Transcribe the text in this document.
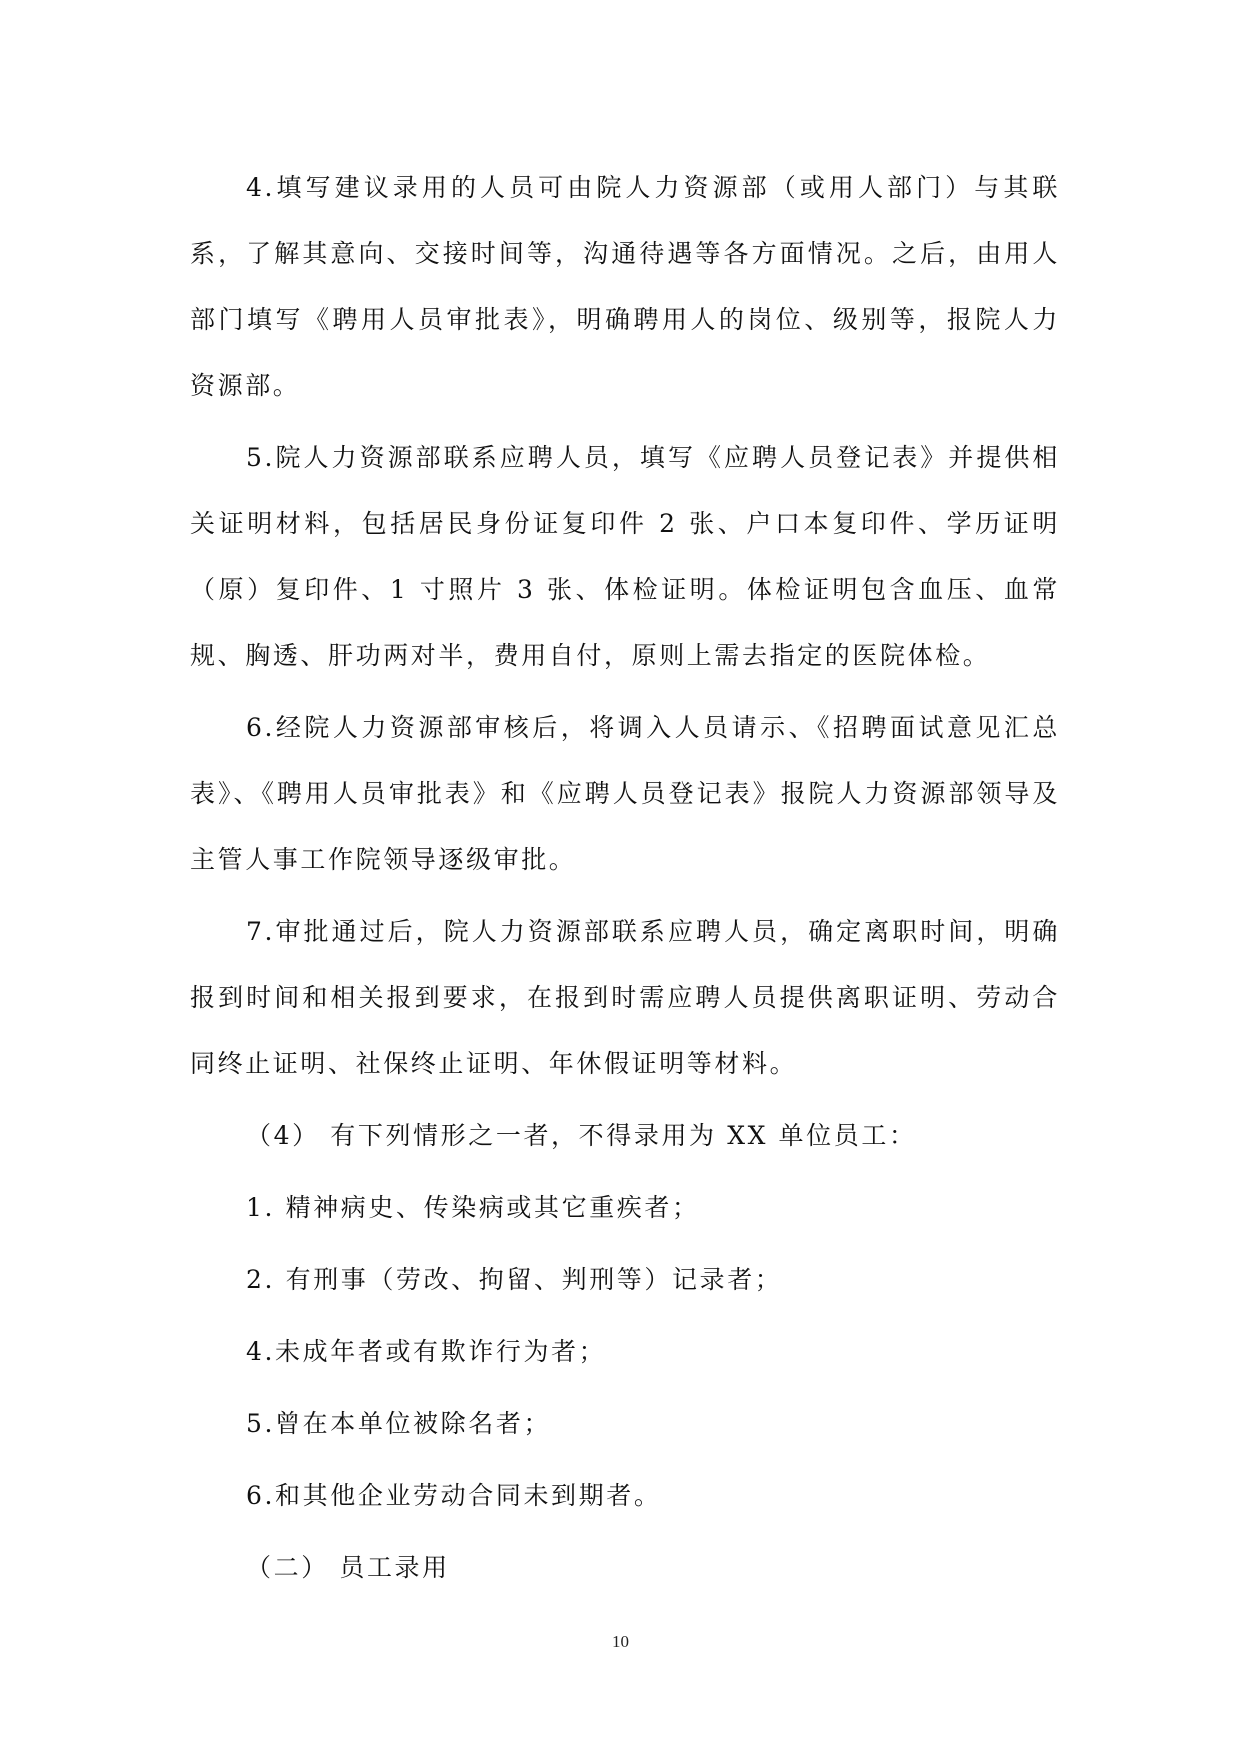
4.填写建议录用的人员可由院人力资源部（或用人部门）与其联系，了解其意向、交接时间等，沟通待遇等各方面情况。之后，由用人部门填写《聘用人员审批表》，明确聘用人的岗位、级别等，报院人力资源部。

5.院人力资源部联系应聘人员，填写《应聘人员登记表》并提供相关证明材料，包括居民身份证复印件 2 张、户口本复印件、学历证明（原）复印件、1 寸照片 3 张、体检证明。体检证明包含血压、血常规、胸透、肝功两对半，费用自付，原则上需去指定的医院体检。

6.经院人力资源部审核后，将调入人员请示、《招聘面试意见汇总表》、《聘用人员审批表》和《应聘人员登记表》报院人力资源部领导及主管人事工作院领导逐级审批。

7.审批通过后，院人力资源部联系应聘人员，确定离职时间，明确报到时间和相关报到要求，在报到时需应聘人员提供离职证明、劳动合同终止证明、社保终止证明、年休假证明等材料。

（4） 有下列情形之一者，不得录用为 XX 单位员工：

1. 精神病史、传染病或其它重疾者；

2. 有刑事（劳改、拘留、判刑等）记录者；

4.未成年者或有欺诈行为者；

5.曾在本单位被除名者；

6.和其他企业劳动合同未到期者。

（二） 员工录用

10
